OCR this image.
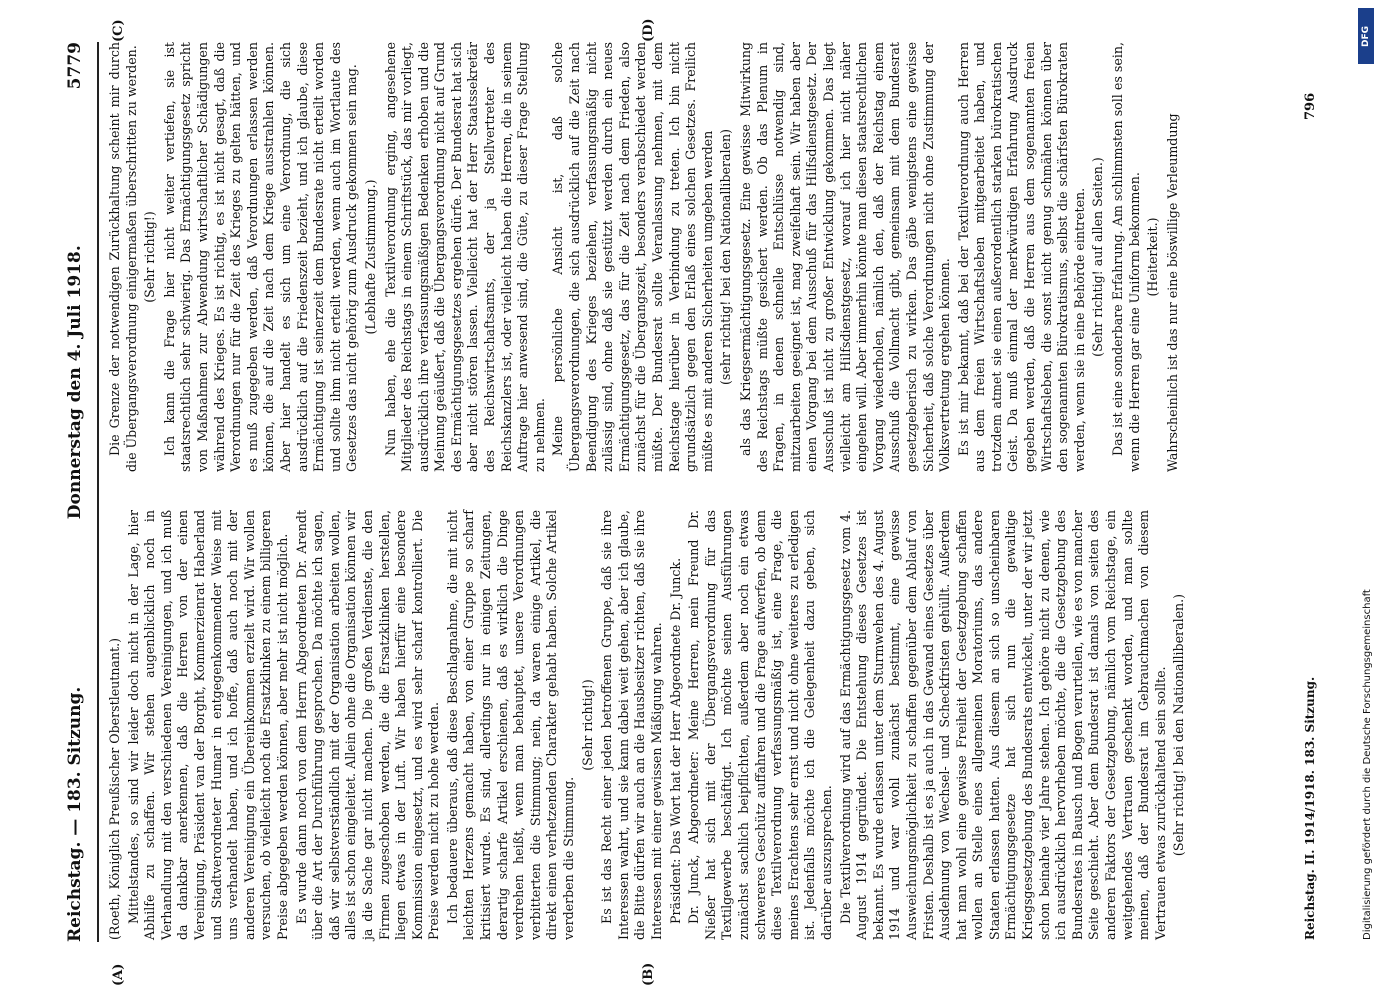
Reichstag. — 183. Sitzung.
Donnerstag den 4. Juli 1918. 5779
(A)	(B)
(C)	(D)

(Roeth, Königlich Preußischer Oberstleutnant.) Mittelstandes, so sind wir leider doch nicht in der Lage, hier Abhilfe zu schaffen. Wir stehen augenblicklich noch in Verhandlung mit den verschiedenen Vereinigungen, und ich muß da dankbar anerkennen, daß die Herren von der einen Vereinigung, Präsident van der Borght, Kommerzienrat Haberland und Stadtverordneter Humar in entgegenkommender Weise mit uns verhandelt haben, und ich hoffe, daß auch noch mit der anderen Vereinigung ein Übereinkommen erzielt wird. Wir wollen versuchen, ob vielleicht noch die Ersatzklinken zu einem billigeren Preise abgegeben werden können, aber mehr ist nicht möglich. Es wurde dann noch von dem Herrn Abgeordneten Dr. Arendt über die Art der Durchführung gesprochen. Da möchte ich sagen, daß wir selbstverständlich mit der Organisation arbeiten wollen, alles ist schon eingeleitet. Allein ohne die Organisation können wir ja die Sache gar nicht machen. Die großen Verdienste, die den Firmen zugeschoben werden, die die Ersatzklinken herstellen, liegen etwas in der Luft. Wir haben hierfür eine besondere Kommission eingesetzt, und es wird sehr scharf kontrolliert. Die Preise werden nicht zu hohe werden. Ich bedauere überaus, daß diese Beschlagnahme, die mit nicht leichten Herzens gemacht haben, von einer Gruppe so scharf kritisiert wurde. Es sind, allerdings nur in einigen Zeitungen, derartig scharfe Artikel erschienen, daß es wirklich die Dinge verdrehen heißt, wenn man behauptet, unsere Verordnungen verbitterten die Stimmung; nein, da waren einige Artikel, die direkt einen verhetzenden Charakter gehabt haben. Solche Artikel verderben die Stimmung.

(Sehr richtig!) Es ist das Recht einer jeden betroffenen Gruppe, daß sie ihre Interessen wahrt, und sie kann dabei weit gehen, aber ich glaube, die Bitte dürfen wir auch an die Hausbesitzer richten, daß sie ihre Interessen mit einer gewissen Mäßigung wahren. Präsident: Das Wort hat der Herr Abgeordnete Dr. Junck. Dr. Junck, Abgeordneter: Meine Herren, mein Freund Dr. Nießer hat sich mit der Übergangsverordnung für das Textilgewerbe beschäftigt. Ich möchte seinen Ausführungen zunächst sachlich beipflichten, außerdem aber noch ein etwas schwereres Geschütz auffahren und die Frage aufwerfen, ob denn diese Textilverordnung verfassungsmäßig ist, eine Frage, die meines Erachtens sehr ernst und nicht ohne weiteres zu erledigen ist. Jedenfalls möchte ich die Gelegenheit dazu geben, sich darüber auszusprechen. Die Textilverordnung wird auf das Ermächtigungsgesetz vom 4. August 1914 gegründet. Die Entstehung dieses Gesetzes ist bekannt. Es wurde erlassen unter dem Sturmwehen des 4. August 1914 und war wohl zunächst bestimmt, eine gewisse Ausweichungsmöglichkeit zu schaffen gegenüber dem Ablauf von Fristen. Deshalb ist es ja auch in das Gewand eines Gesetzes über Ausdehnung von Wechsel- und Scheckfristen gehüllt. Außerdem hat man wohl eine gewisse Freiheit der Gesetzgebung schaffen wollen an Stelle eines allgemeinen Moratoriums, das andere Staaten erlassen hatten. Aus diesem an sich so unscheinbaren Ermächtigungsgesetze hat sich nun die gewaltige Kriegsgesetzgebung des Bundesrats entwickelt, unter der wir jetzt schon beinahe vier Jahre stehen. Ich gehöre nicht zu denen, wie ich ausdrücklich hervorheben möchte, die die Gesetzgebung des Bundesrates in Bausch und Bogen verurteilen, wie es von mancher Seite geschieht. Aber dem Bundesrat ist damals von seiten des anderen Faktors der Gesetzgebung, nämlich vom Reichstage, ein weitgehendes Vertrauen geschenkt worden, und man sollte meinen, daß der Bundesrat im Gebrauchmachen von diesem Vertrauen etwas zurückhaltend sein sollte. (Sehr richtig! bei den Nationalliberalen.)

Die Grenze der notwendigen Zurückhaltung scheint mir durch die Übergangsverordnung einigermaßen überschritten zu werden. (Sehr richtig!) Ich kann die Frage hier nicht weiter vertiefen, sie ist staatsrechtlich sehr schwierig. Das Ermächtigungsgesetz spricht von Maßnahmen zur Abwendung wirtschaftlicher Schädigungen während des Krieges. Es ist richtig, es ist nicht gesagt, daß die Verordnungen nur für die Zeit des Krieges zu gelten hätten, und es muß zugegeben werden, daß Verordnungen erlassen werden können, die auf die Zeit nach dem Kriege ausstrahlen können. Aber hier handelt es sich um eine Verordnung, die sich ausdrücklich auf die Friedenszeit bezieht, und ich glaube, diese Ermächtigung ist seinerzeit dem Bundesrate nicht erteilt worden und sollte ihm nicht erteilt werden, wenn auch im Wortlaute des Gesetzes das nicht gehörig zum Ausdruck gekommen sein mag. (Lebhafte Zustimmung.) Nun haben, ehe die Textilverordnung erging, angesehene Mitglieder des Reichstags in einem Schriftstück, das mir vorliegt, ausdrücklich ihre verfassungsmäßigen Bedenken erhoben und die Meinung geäußert, daß die Übergangsverordnung nicht auf Grund des Ermächtigungsgesetzes ergehen dürfe. Der Bundesrat hat sich aber nicht stören lassen. Vielleicht hat der Herr Staatssekretär des Reichswirtschaftsamts, der ja Stellvertreter des Reichskanzlers ist, oder vielleicht haben die Herren, die in seinem Auftrage hier anwesend sind, die Güte, zu dieser Frage Stellung zu nehmen. Meine persönliche Ansicht ist, daß solche Übergangsverordnungen, die sich ausdrücklich auf die Zeit nach Beendigung des Krieges beziehen, verfassungsmäßig nicht zulässig sind, ohne daß sie gestützt werden durch ein neues Ermächtigungsgesetz, das für die Zeit nach dem Frieden, also zunächst für die Übergangszeit, besonders verabschiedet werden müßte. Der Bundesrat sollte Veranlassung nehmen, mit dem Reichstage hierüber in Verbindung zu treten. Ich bin nicht grundsätzlich gegen den Erlaß eines solchen Gesetzes. Freilich müßte es mit anderen Sicherheiten umgeben werden (sehr richtig! bei den Nationalliberalen) als das Kriegsermächtigungsgesetz. Eine gewisse Mitwirkung des Reichstags müßte gesichert werden. Ob das Plenum in Fragen, in denen schnelle Entschlüsse notwendig sind, mitzuarbeiten geeignet ist, mag zweifelhaft sein. Wir haben aber einen Vorgang bei dem Ausschuß für das Hilfsdienstgesetz. Der Ausschuß ist nicht zu großer Entwicklung gekommen. Das liegt vielleicht am Hilfsdienstgesetz, worauf ich hier nicht näher eingehen will. Aber immerhin könnte man diesen staatsrechtlichen Vorgang wiederholen, nämlich den, daß der Reichstag einem Ausschuß die Vollmacht gibt, gemeinsam mit dem Bundesrat gesetzgeberisch zu wirken. Das gäbe wenigstens eine gewisse Sicherheit, daß solche Verordnungen nicht ohne Zustimmung der Volksvertretung ergehen können. Es ist mir bekannt, daß bei der Textilverordnung auch Herren aus dem freien Wirtschaftsleben mitgearbeitet haben, und trotzdem atmet sie einen außerordentlich starken bürokratischen Geist. Da muß einmal der merkwürdigen Erfahrung Ausdruck gegeben werden, daß die Herren aus dem sogenannten freien Wirtschaftsleben, die sonst nicht genug schmähen können über den sogenannten Bürokratismus, selbst die schärfsten Bürokraten werden, wenn sie in eine Behörde eintreten. (Sehr richtig! auf allen Seiten.) Das ist eine sonderbare Erfahrung. Am schlimmsten soll es sein, wenn die Herren gar eine Uniform bekommen. (Heiterkeit.) Wahrscheinlich ist das nur eine böswillige Verleumdung

Reichstag. II. 1914/1918. 183. Sitzung.
796
DFG
Digitalisierung gefördert durch die Deutsche Forschungsgemeinschaft
